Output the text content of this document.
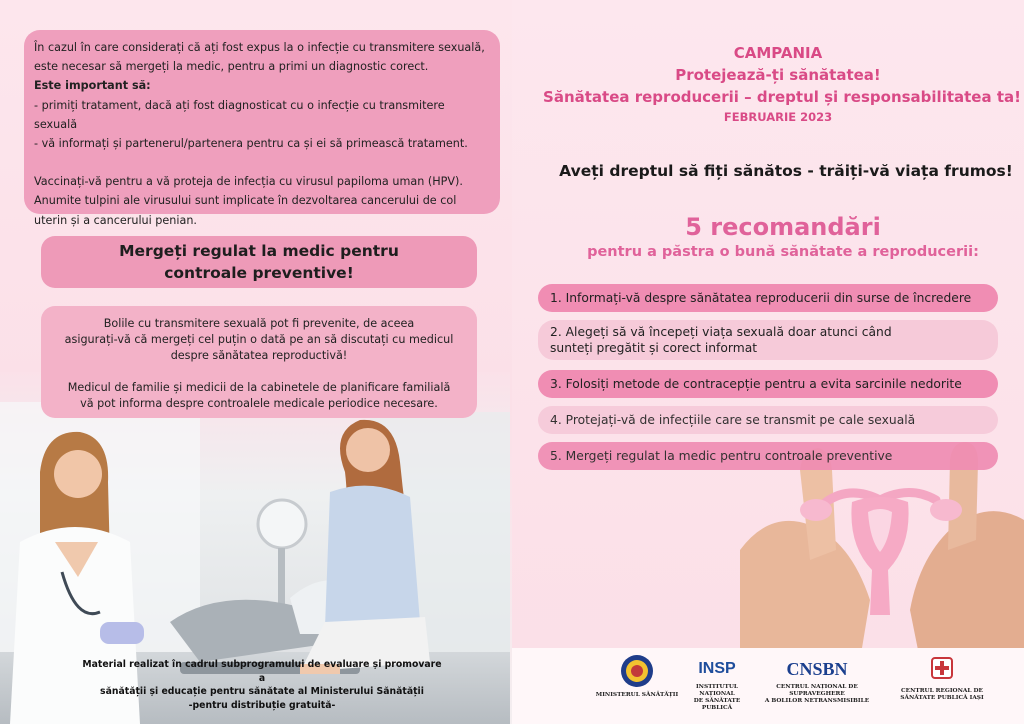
În cazul în care considerați că ați fost expus la o infecție cu transmitere sexuală,
este necesar să mergeți la medic, pentru a primi un diagnostic corect.
Este important să:
- primiți tratament, dacă ați fost diagnosticat cu o infecție cu transmitere sexuală
- vă informați și partenerul/partenera pentru ca și ei să primească tratament.
Vaccinați-vă pentru a vă proteja de infecția cu virusul papiloma uman (HPV).
Anumite tulpini ale virusului sunt implicate în dezvoltarea cancerului de col
uterin și a cancerului penian.
Mergeți regulat la medic pentru
controale preventive!
Bolile cu transmitere sexuală pot fi prevenite, de aceea
asigurați-vă că mergeți cel puțin o dată pe an să discutați cu medicul
despre sănătatea reproductivă!
Medicul de familie și medicii de la cabinetele de planificare familială
vă pot informa despre controalele medicale periodice necesare.
Material realizat în cadrul subprogramului de evaluare și promovare a
sănătății și educație pentru sănătate al Ministerului Sănătății
-pentru distribuție gratuită-
CAMPANIA
Protejează-ți sănătatea!
Sănătatea reproducerii – dreptul și responsabilitatea ta!
FEBRUARIE 2023
Aveți dreptul să fiți sănătos - trăiți-vă viața frumos!
5 recomandări
pentru a păstra o bună sănătate a reproducerii:
1. Informați-vă despre sănătatea reproducerii din surse de încredere
2. Alegeți să vă începeți viața sexuală doar atunci când sunteți pregătit și corect informat
3. Folosiți metode de contracepție pentru a evita sarcinile nedorite
4. Protejați-vă de infecțiile care se transmit pe cale sexuală
5. Mergeți regulat la medic pentru controale preventive
MINISTERUL SĂNĂTĂȚII
INSP
INSTITUTUL NAȚIONAL
DE SĂNĂTATE PUBLICĂ
CNSBN
CENTRUL NAȚIONAL DE SUPRAVEGHERE
A BOLILOR NETRANSMISIBILE
CENTRUL REGIONAL DE
SĂNĂTATE PUBLICĂ IAȘI
